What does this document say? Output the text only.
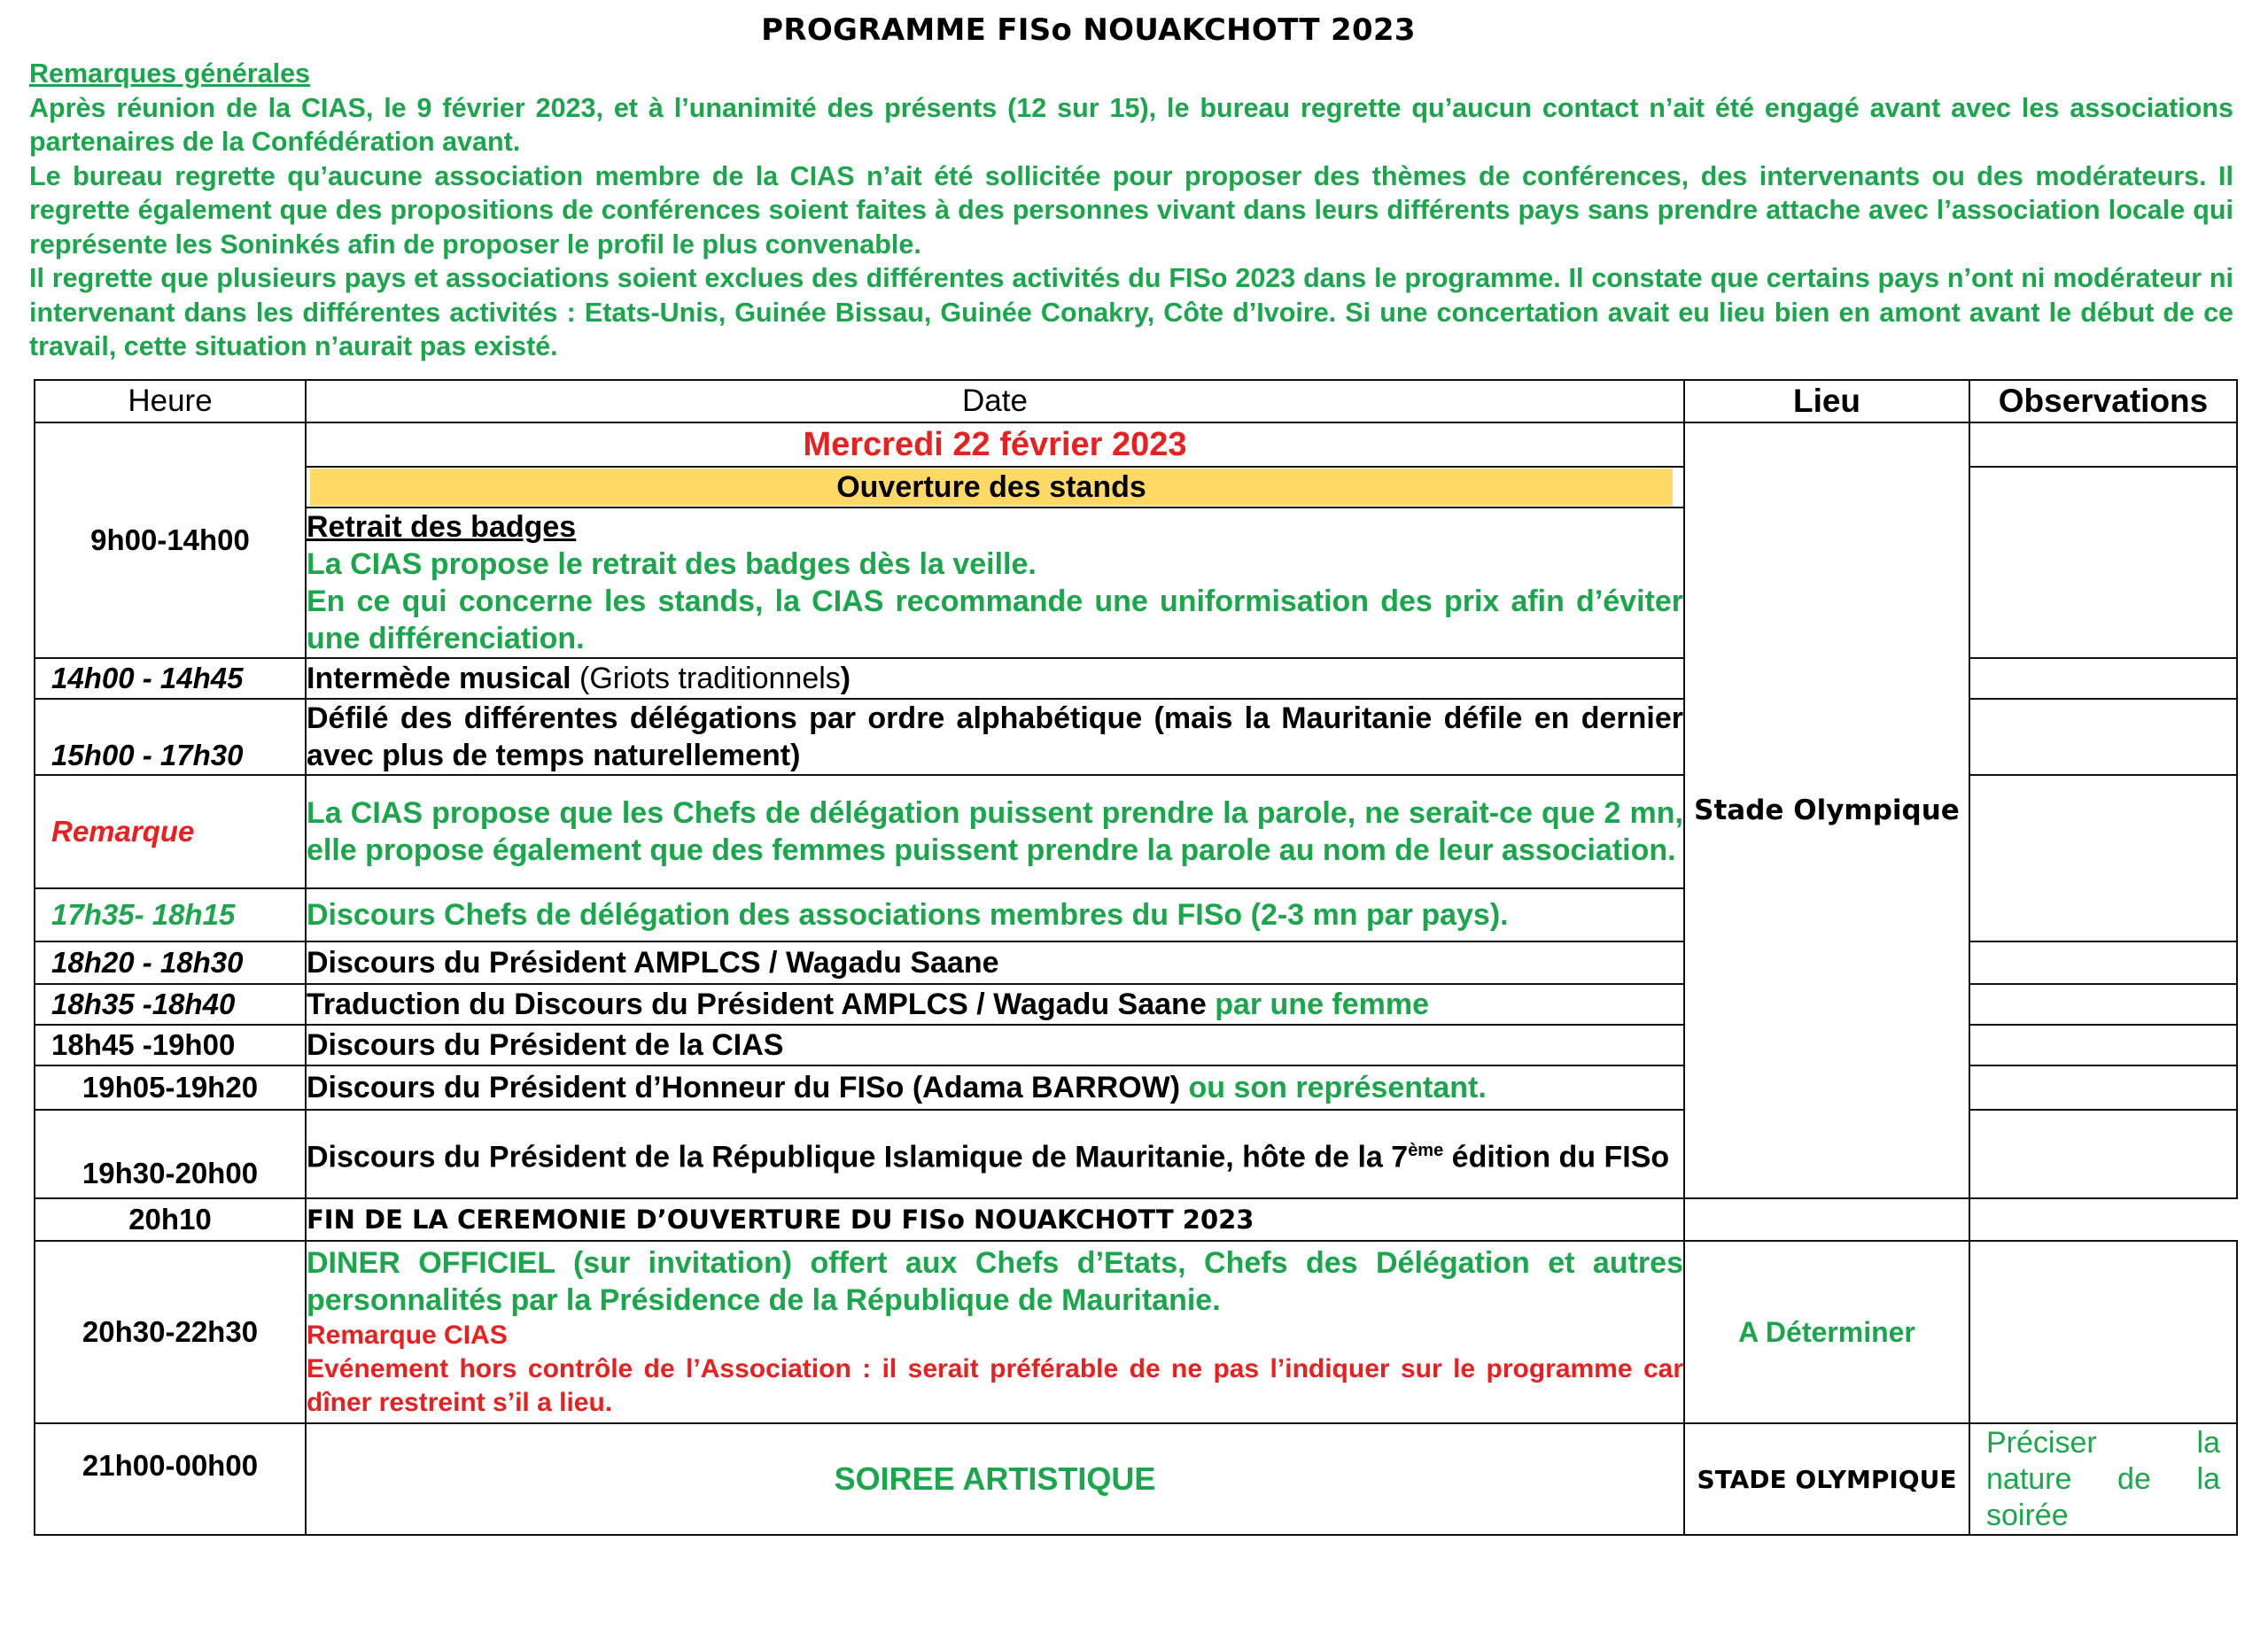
PROGRAMME FISo NOUAKCHOTT 2023
Remarques générales

Après réunion de la CIAS, le 9 février 2023, et à l’unanimité des présents (12 sur 15), le bureau regrette qu’aucun contact n’ait été engagé avant avec les associations partenaires de la Confédération avant.

Le bureau regrette qu’aucune association membre de la CIAS n’ait été sollicitée pour proposer des thèmes de conférences, des intervenants ou des modérateurs. Il regrette également que des propositions de conférences soient faites à des personnes vivant dans leurs différents pays sans prendre attache avec l’association locale qui représente les Soninkés afin de proposer le profil le plus convenable.

Il regrette que plusieurs pays et associations soient exclues des différentes activités du FISo 2023 dans le programme. Il constate que certains pays n’ont ni modérateur ni intervenant dans les différentes activités : Etats-Unis, Guinée Bissau, Guinée Conakry, Côte d’Ivoire. Si une concertation avait eu lieu bien en amont avant le début de ce travail, cette situation n’aurait pas existé.

Heure	Date	Lieu	Observations
9h00-14h00	Mercredi 22 février 2023	Stade Olympique	

	Ouverture des stands		

	Retrait des badges
La CIAS propose le retrait des badges dès la veille.
En ce qui concerne les stands, la CIAS recommande une uniformisation des prix afin d’éviter une différenciation.		

14h00 - 14h45	Intermède musical (Griots traditionnels)		
15h00 - 17h30	Défilé des différentes délégations par ordre alphabétique (mais la Mauritanie défile en dernier avec plus de temps naturellement)		
Remarque	La CIAS propose que les Chefs de délégation puissent prendre la parole, ne serait-ce que 2 mn, elle propose également que des femmes puissent prendre la parole au nom de leur association.		
17h35- 18h15	Discours Chefs de délégation des associations membres du FISo (2-3 mn par pays).		
18h20 - 18h30	Discours du Président AMPLCS / Wagadu Saane		
18h35 -18h40	Traduction du Discours du Président AMPLCS / Wagadu Saane par une femme		
18h45 -19h00	Discours du Président de la CIAS		
19h05-19h20	Discours du Président d’Honneur du FISo (Adama BARROW) ou son représentant.		
19h30-20h00	Discours du Président de la République Islamique de Mauritanie, hôte de la 7ème édition du FISo		
20h10	FIN DE LA CEREMONIE D’OUVERTURE DU FISo NOUAKCHOTT 2023		
20h30-22h30	DINER OFFICIEL (sur invitation) offert aux Chefs d’Etats, Chefs des Délégation et autres personnalités par la Présidence de la République de Mauritanie.
Remarque CIAS
Evénement hors contrôle de l’Association : il serait préférable de ne pas l’indiquer sur le programme car dîner restreint s’il a lieu.	A Déterminer	
21h00-00h00	SOIREE ARTISTIQUE	STADE OLYMPIQUE	Préciser la nature de la soirée
